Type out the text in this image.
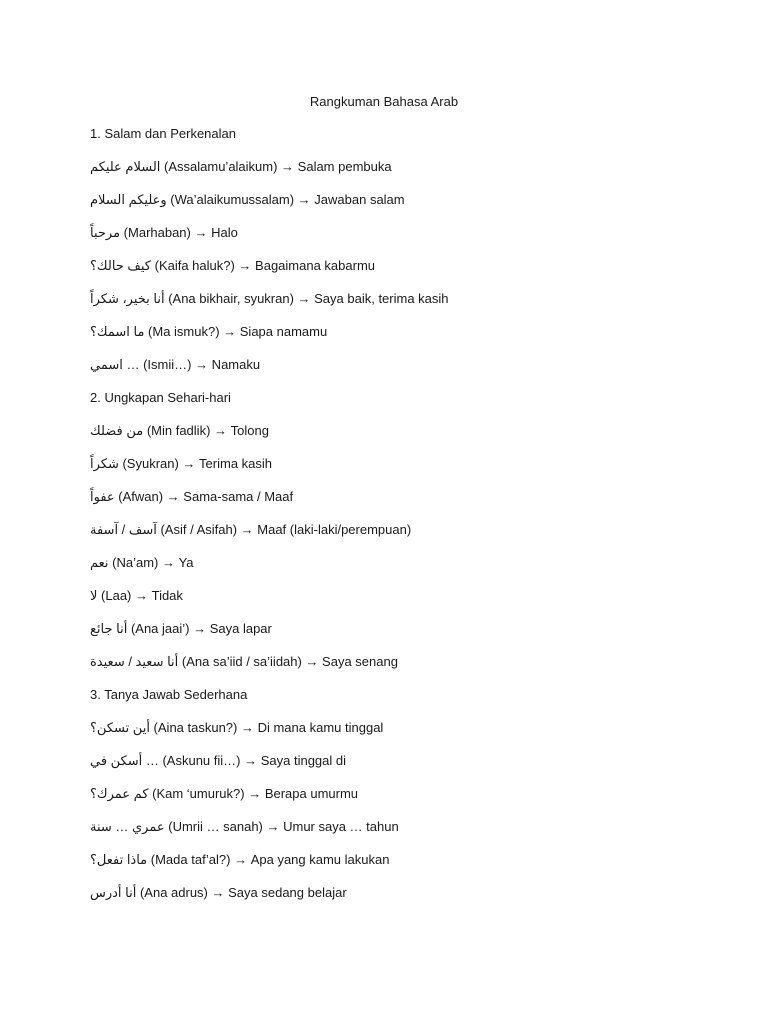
Rangkuman Bahasa Arab
1. Salam dan Perkenalan
السلام عليكم (Assalamu’alaikum) → Salam pembuka
وعليكم السلام (Wa’alaikumussalam) → Jawaban salam
مرحباً (Marhaban) → Halo
كيف حالك؟ (Kaifa haluk?) → Bagaimana kabarmu
أنا بخير، شكراً (Ana bikhair, syukran) → Saya baik, terima kasih
ما اسمك؟ (Ma ismuk?) → Siapa namamu
اسمي … (Ismii…) → Namaku
2. Ungkapan Sehari-hari
من فضلك (Min fadlik) → Tolong
شكراً (Syukran) → Terima kasih
عفواً (Afwan) → Sama-sama / Maaf
آسف / آسفة (Asif / Asifah) → Maaf (laki-laki/perempuan)
نعم (Na’am) → Ya
لا (Laa) → Tidak
أنا جائع (Ana jaai’) → Saya lapar
أنا سعيد / سعيدة (Ana sa’iid / sa’iidah) → Saya senang
3. Tanya Jawab Sederhana
أين تسكن؟ (Aina taskun?) → Di mana kamu tinggal
أسكن في … (Askunu fii…) → Saya tinggal di
كم عمرك؟ (Kam ‘umuruk?) → Berapa umurmu
عمري … سنة (Umrii … sanah) → Umur saya … tahun
ماذا تفعل؟ (Mada taf’al?) → Apa yang kamu lakukan
أنا أدرس (Ana adrus) → Saya sedang belajar
